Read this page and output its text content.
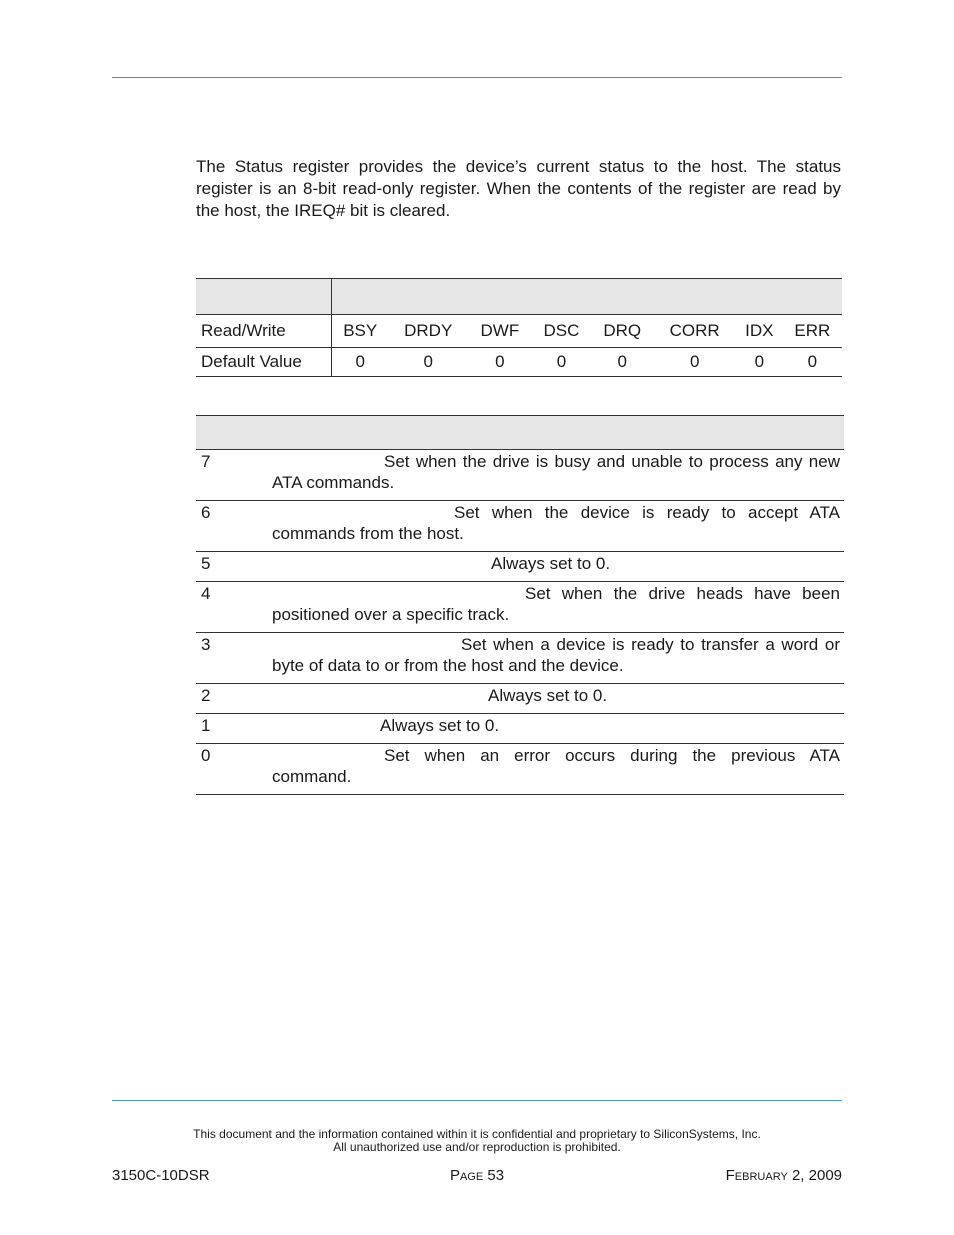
The Status register provides the device’s current status to the host. The status register is an 8-bit read-only register. When the contents of the register are read by the host, the IREQ# bit is cleared.

Read/Write	BSY	DRDY	DWF	DSC	DRQ	CORR	IDX	ERR
Default Value	0	0	0	0	0	0	0	0
7	Set when the drive is busy and unable to process any new ATA commands.

6	Set when the device is ready to accept ATA commands from the host.

5	Always set to 0.

4	Set when the drive heads have been positioned over a specific track.

3	Set when a device is ready to transfer a word or byte of data to or from the host and the device.

2	Always set to 0.

1	Always set to 0.

0	Set when an error occurs during the previous ATA command.

This document and the information contained within it is confidential and proprietary to SiliconSystems, Inc.
All unauthorized use and/or reproduction is prohibited.
3150C-10DSR	Page 53	February 2, 2009
